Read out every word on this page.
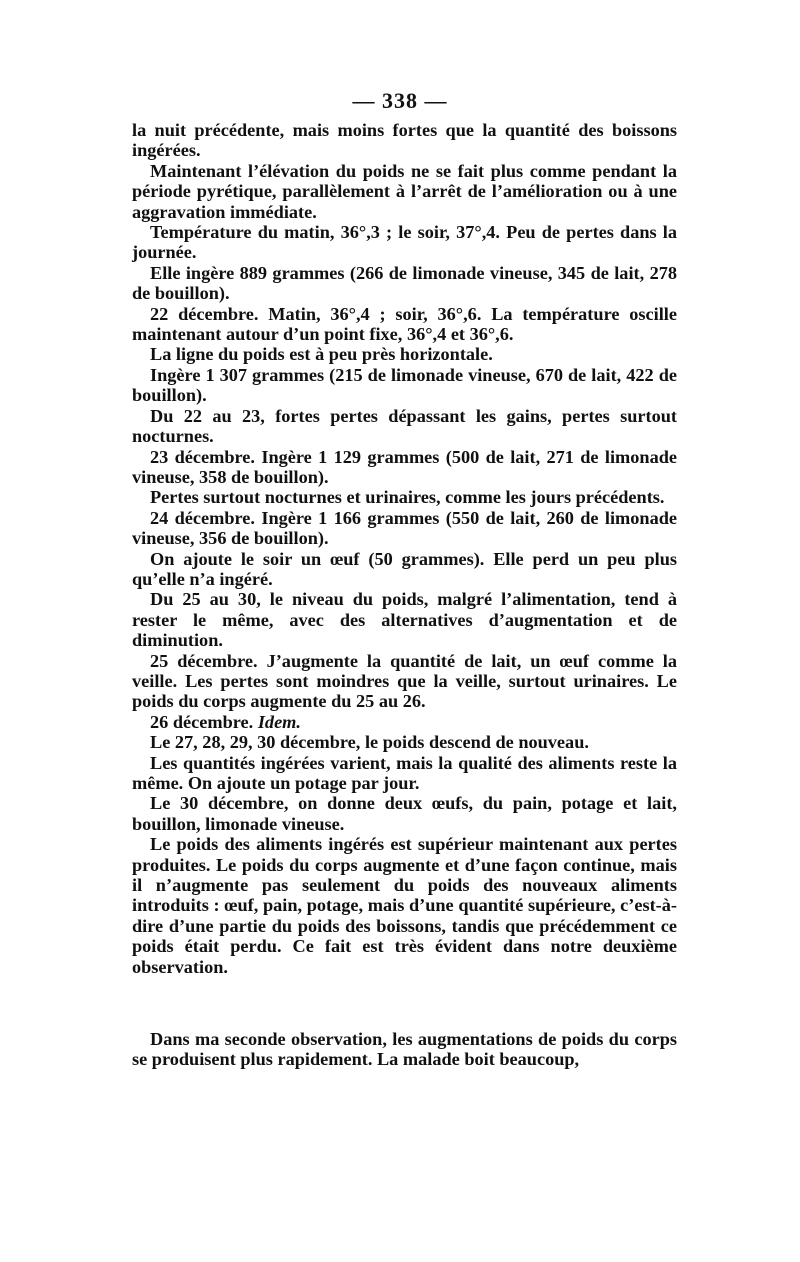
— 338 —

la nuit précédente, mais moins fortes que la quantité des boissons ingérées.

Maintenant l’élévation du poids ne se fait plus comme pendant la période pyrétique, parallèlement à l’arrêt de l’amélioration ou à une aggravation immédiate.

Température du matin, 36°,3 ; le soir, 37°,4. Peu de pertes dans la journée.

Elle ingère 889 grammes (266 de limonade vineuse, 345 de lait, 278 de bouillon).

22 décembre. Matin, 36°,4 ; soir, 36°,6. La température oscille maintenant autour d’un point fixe, 36°,4 et 36°,6.

La ligne du poids est à peu près horizontale.

Ingère 1 307 grammes (215 de limonade vineuse, 670 de lait, 422 de bouillon).

Du 22 au 23, fortes pertes dépassant les gains, pertes surtout nocturnes.

23 décembre. Ingère 1 129 grammes (500 de lait, 271 de limonade vineuse, 358 de bouillon).

Pertes surtout nocturnes et urinaires, comme les jours précédents.

24 décembre. Ingère 1 166 grammes (550 de lait, 260 de limonade vineuse, 356 de bouillon).

On ajoute le soir un œuf (50 grammes). Elle perd un peu plus qu’elle n’a ingéré.

Du 25 au 30, le niveau du poids, malgré l’alimentation, tend à rester le même, avec des alternatives d’augmentation et de diminution.

25 décembre. J’augmente la quantité de lait, un œuf comme la veille. Les pertes sont moindres que la veille, surtout urinaires. Le poids du corps augmente du 25 au 26.

26 décembre. Idem.

Le 27, 28, 29, 30 décembre, le poids descend de nouveau.

Les quantités ingérées varient, mais la qualité des aliments reste la même. On ajoute un potage par jour.

Le 30 décembre, on donne deux œufs, du pain, potage et lait, bouillon, limonade vineuse.

Le poids des aliments ingérés est supérieur maintenant aux pertes produites. Le poids du corps augmente et d’une façon continue, mais il n’augmente pas seulement du poids des nouveaux aliments introduits : œuf, pain, potage, mais d’une quantité supérieure, c’est-à-dire d’une partie du poids des boissons, tandis que précédemment ce poids était perdu. Ce fait est très évident dans notre deuxième observation.

Dans ma seconde observation, les augmentations de poids du corps se produisent plus rapidement. La malade boit beaucoup,
